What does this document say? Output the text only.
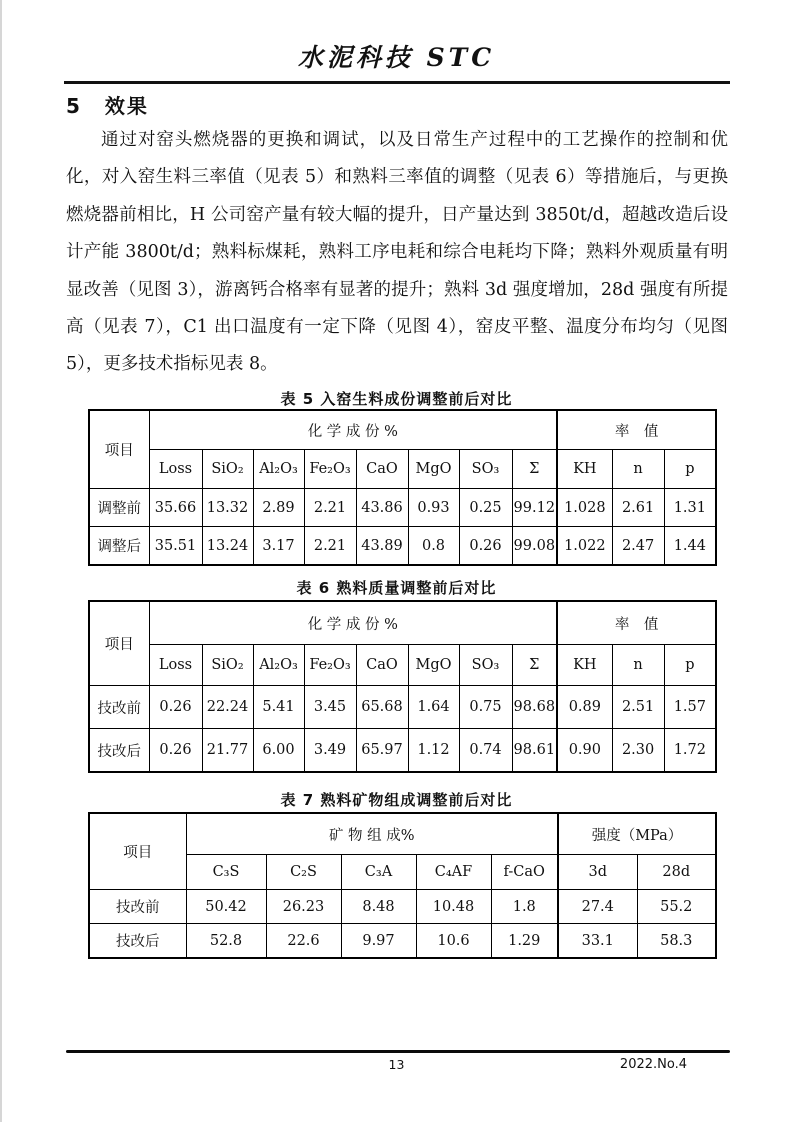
水泥科技 STC
5 效果
通过对窑头燃烧器的更换和调试，以及日常生产过程中的工艺操作的控制和优化，对入窑生料三率值（见表 5）和熟料三率值的调整（见表 6）等措施后，与更换燃烧器前相比，H 公司窑产量有较大幅的提升，日产量达到 3850t/d，超越改造后设计产能 3800t/d；熟料标煤耗，熟料工序电耗和综合电耗均下降；熟料外观质量有明显改善（见图 3），游离钙合格率有显著的提升；熟料 3d 强度增加，28d 强度有所提高（见表 7），C1 出口温度有一定下降（见图 4），窑皮平整、温度分布均匀（见图 5），更多技术指标见表 8。
表 5 入窑生料成份调整前后对比
项目	化 学 成 份 %								率　值		
	Loss	SiO₂	Al₂O₃	Fe₂O₃	CaO	MgO	SO₃	Σ	KH	n	p
调整前	35.66	13.32	2.89	2.21	43.86	0.93	0.25	99.12	1.028	2.61	1.31
调整后	35.51	13.24	3.17	2.21	43.89	0.8	0.26	99.08	1.022	2.47	1.44
表 6 熟料质量调整前后对比
项目	化 学 成 份 %								率　值		
	Loss	SiO₂	Al₂O₃	Fe₂O₃	CaO	MgO	SO₃	Σ	KH	n	p
技改前	0.26	22.24	5.41	3.45	65.68	1.64	0.75	98.68	0.89	2.51	1.57
技改后	0.26	21.77	6.00	3.49	65.97	1.12	0.74	98.61	0.90	2.30	1.72
表 7 熟料矿物组成调整前后对比
项目	矿 物 组 成%					强度（MPa）	
	C₃S	C₂S	C₃A	C₄AF	f-CaO	3d	28d
技改前	50.42	26.23	8.48	10.48	1.8	27.4	55.2
技改后	52.8	22.6	9.97	10.6	1.29	33.1	58.3
13	2022.No.4
